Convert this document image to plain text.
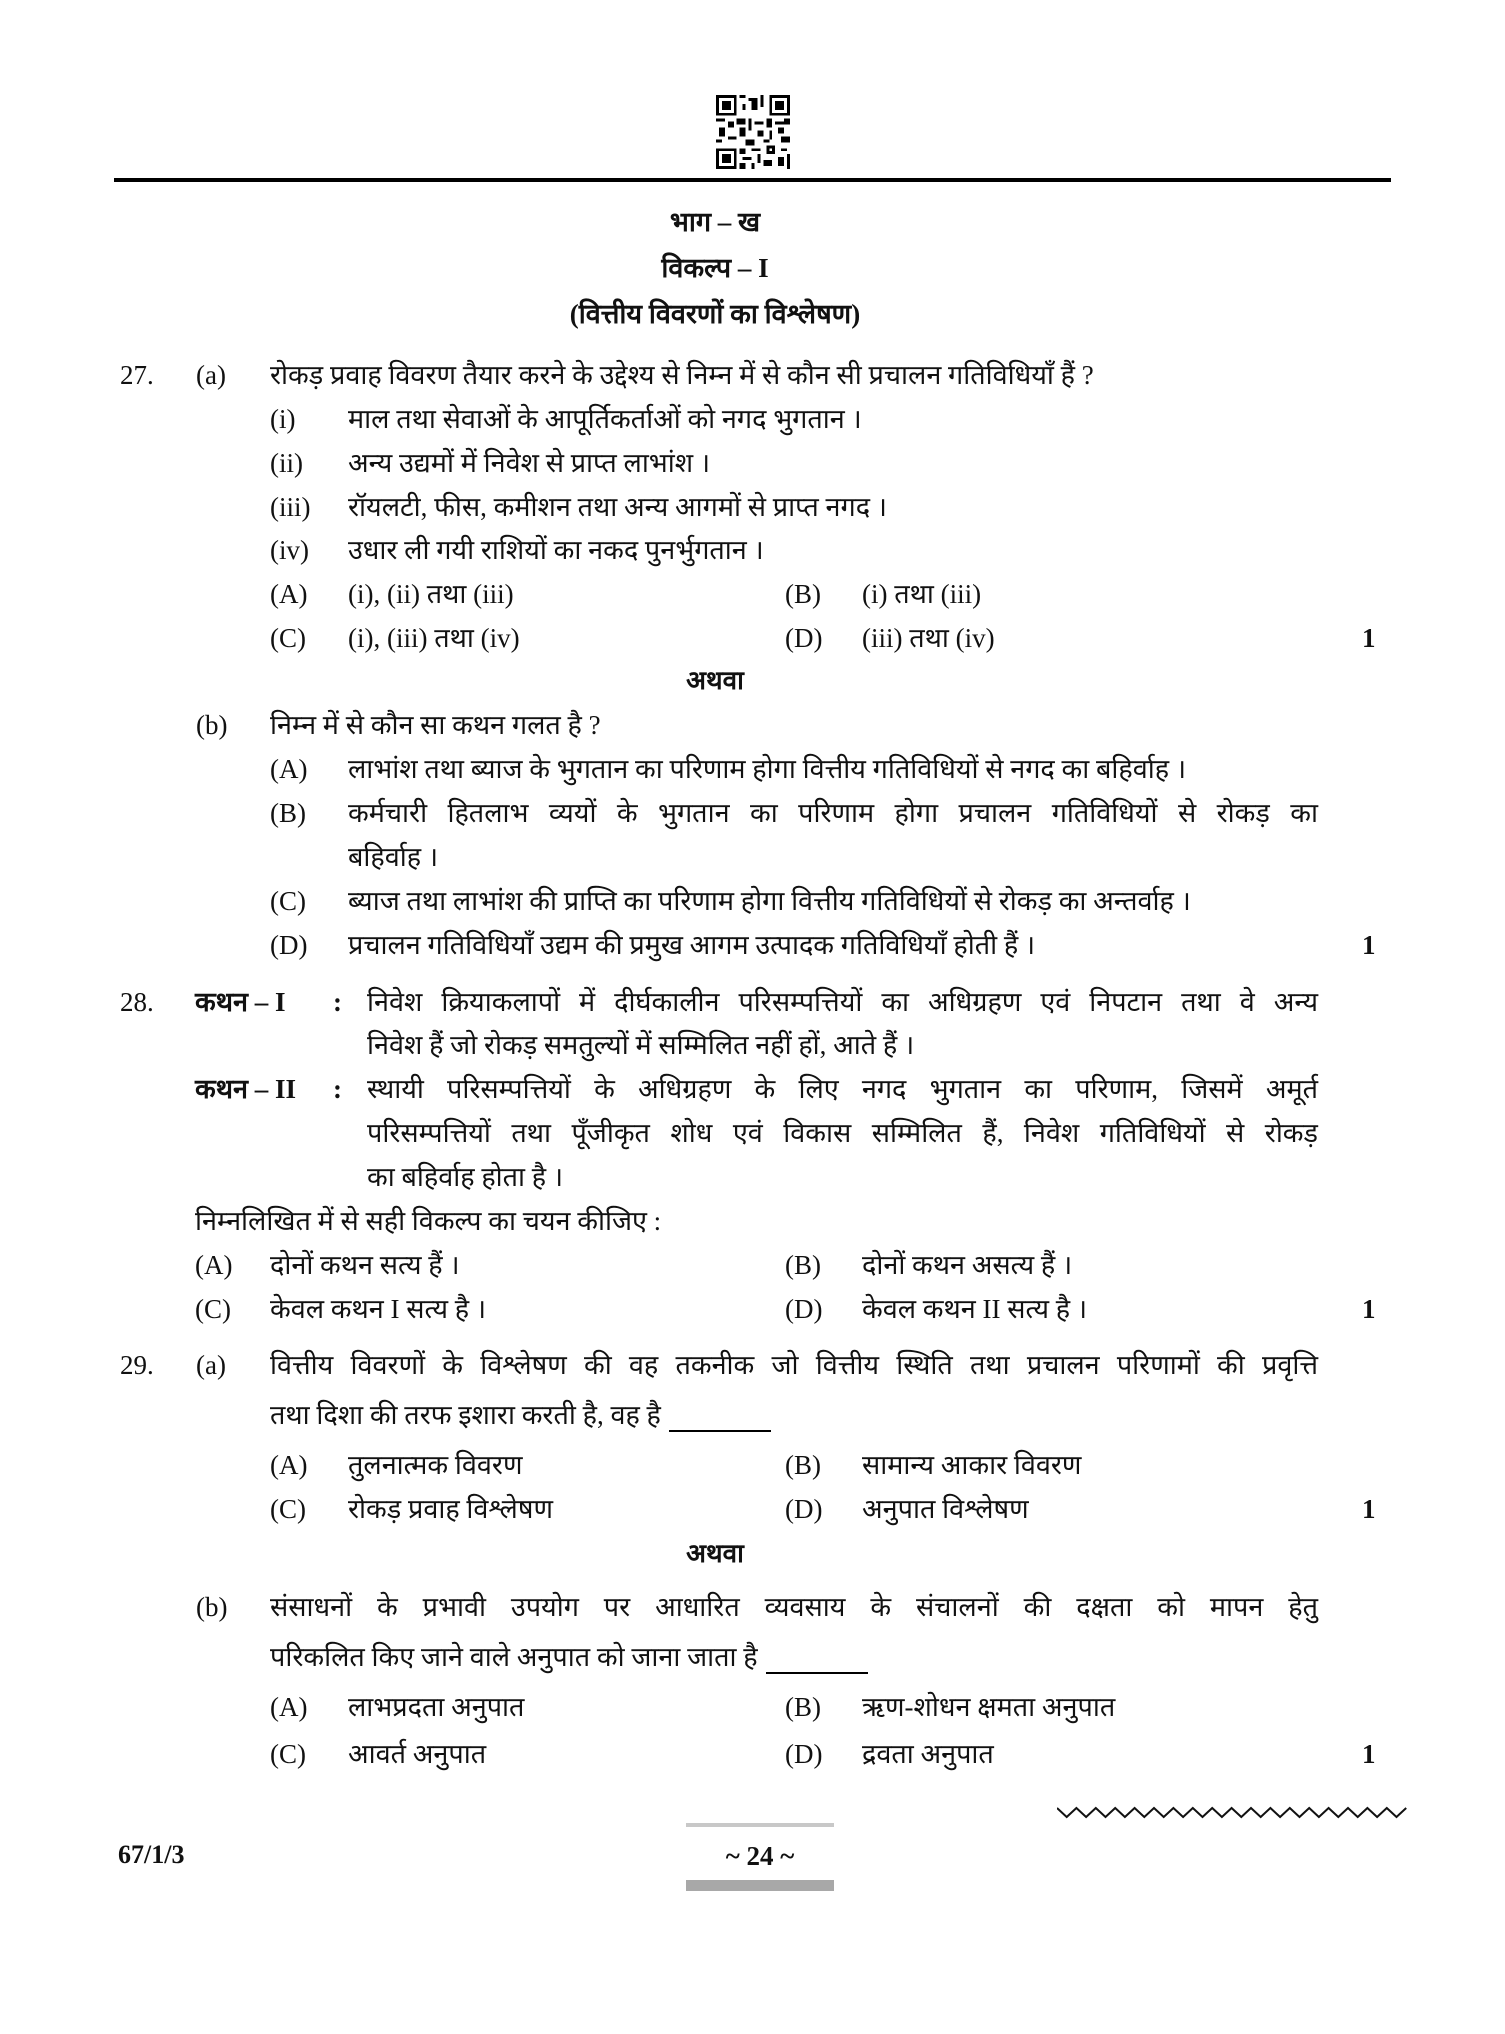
भाग – ख
विकल्प – I
(वित्तीय विवरणों का विश्लेषण)
27. (a) रोकड़ प्रवाह विवरण तैयार करने के उद्देश्य से निम्न में से कौन सी प्रचालन गतिविधियाँ हैं ?
(i) माल तथा सेवाओं के आपूर्तिकर्ताओं को नगद भुगतान ।
(ii) अन्य उद्यमों में निवेश से प्राप्त लाभांश ।
(iii) रॉयलटी, फीस, कमीशन तथा अन्य आगमों से प्राप्त नगद ।
(iv) उधार ली गयी राशियों का नकद पुनर्भुगतान ।
(A) (i), (ii) तथा (iii)	(B) (i) तथा (iii)
(C) (i), (iii) तथा (iv)	(D) (iii) तथा (iv)	1
अथवा
(b) निम्न में से कौन सा कथन गलत है ?
(A) लाभांश तथा ब्याज के भुगतान का परिणाम होगा वित्तीय गतिविधियों से नगद का बहिर्वाह ।
(B) कर्मचारी हितलाभ व्ययों के भुगतान का परिणाम होगा प्रचालन गतिविधियों से रोकड़ का
बहिर्वाह ।
(C) ब्याज तथा लाभांश की प्राप्ति का परिणाम होगा वित्तीय गतिविधियों से रोकड़ का अन्तर्वाह ।
(D) प्रचालन गतिविधियाँ उद्यम की प्रमुख आगम उत्पादक गतिविधियाँ होती हैं ।	1
28. कथन – I : निवेश क्रियाकलापों में दीर्घकालीन परिसम्पत्तियों का अधिग्रहण एवं निपटान तथा वे अन्य
निवेश हैं जो रोकड़ समतुल्यों में सम्मिलित नहीं हों, आते हैं ।
कथन – II : स्थायी परिसम्पत्तियों के अधिग्रहण के लिए नगद भुगतान का परिणाम, जिसमें अमूर्त
परिसम्पत्तियों तथा पूँजीकृत शोध एवं विकास सम्मिलित हैं, निवेश गतिविधियों से रोकड़
का बहिर्वाह होता है ।
निम्नलिखित में से सही विकल्प का चयन कीजिए :
(A) दोनों कथन सत्य हैं ।	(B) दोनों कथन असत्य हैं ।
(C) केवल कथन I सत्य है ।	(D) केवल कथन II सत्य है ।	1
29. (a) वित्तीय विवरणों के विश्लेषण की वह तकनीक जो वित्तीय स्थिति तथा प्रचालन परिणामों की प्रवृत्ति
तथा दिशा की तरफ इशारा करती है, वह है
(A) तुलनात्मक विवरण	(B) सामान्य आकार विवरण
(C) रोकड़ प्रवाह विश्लेषण	(D) अनुपात विश्लेषण	1
अथवा
(b) संसाधनों के प्रभावी उपयोग पर आधारित व्यवसाय के संचालनों की दक्षता को मापन हेतु
परिकलित किए जाने वाले अनुपात को जाना जाता है
(A) लाभप्रदता अनुपात	(B) ऋण-शोधन क्षमता अनुपात
(C) आवर्त अनुपात	(D) द्रवता अनुपात	1
67/1/3	~ 24 ~
